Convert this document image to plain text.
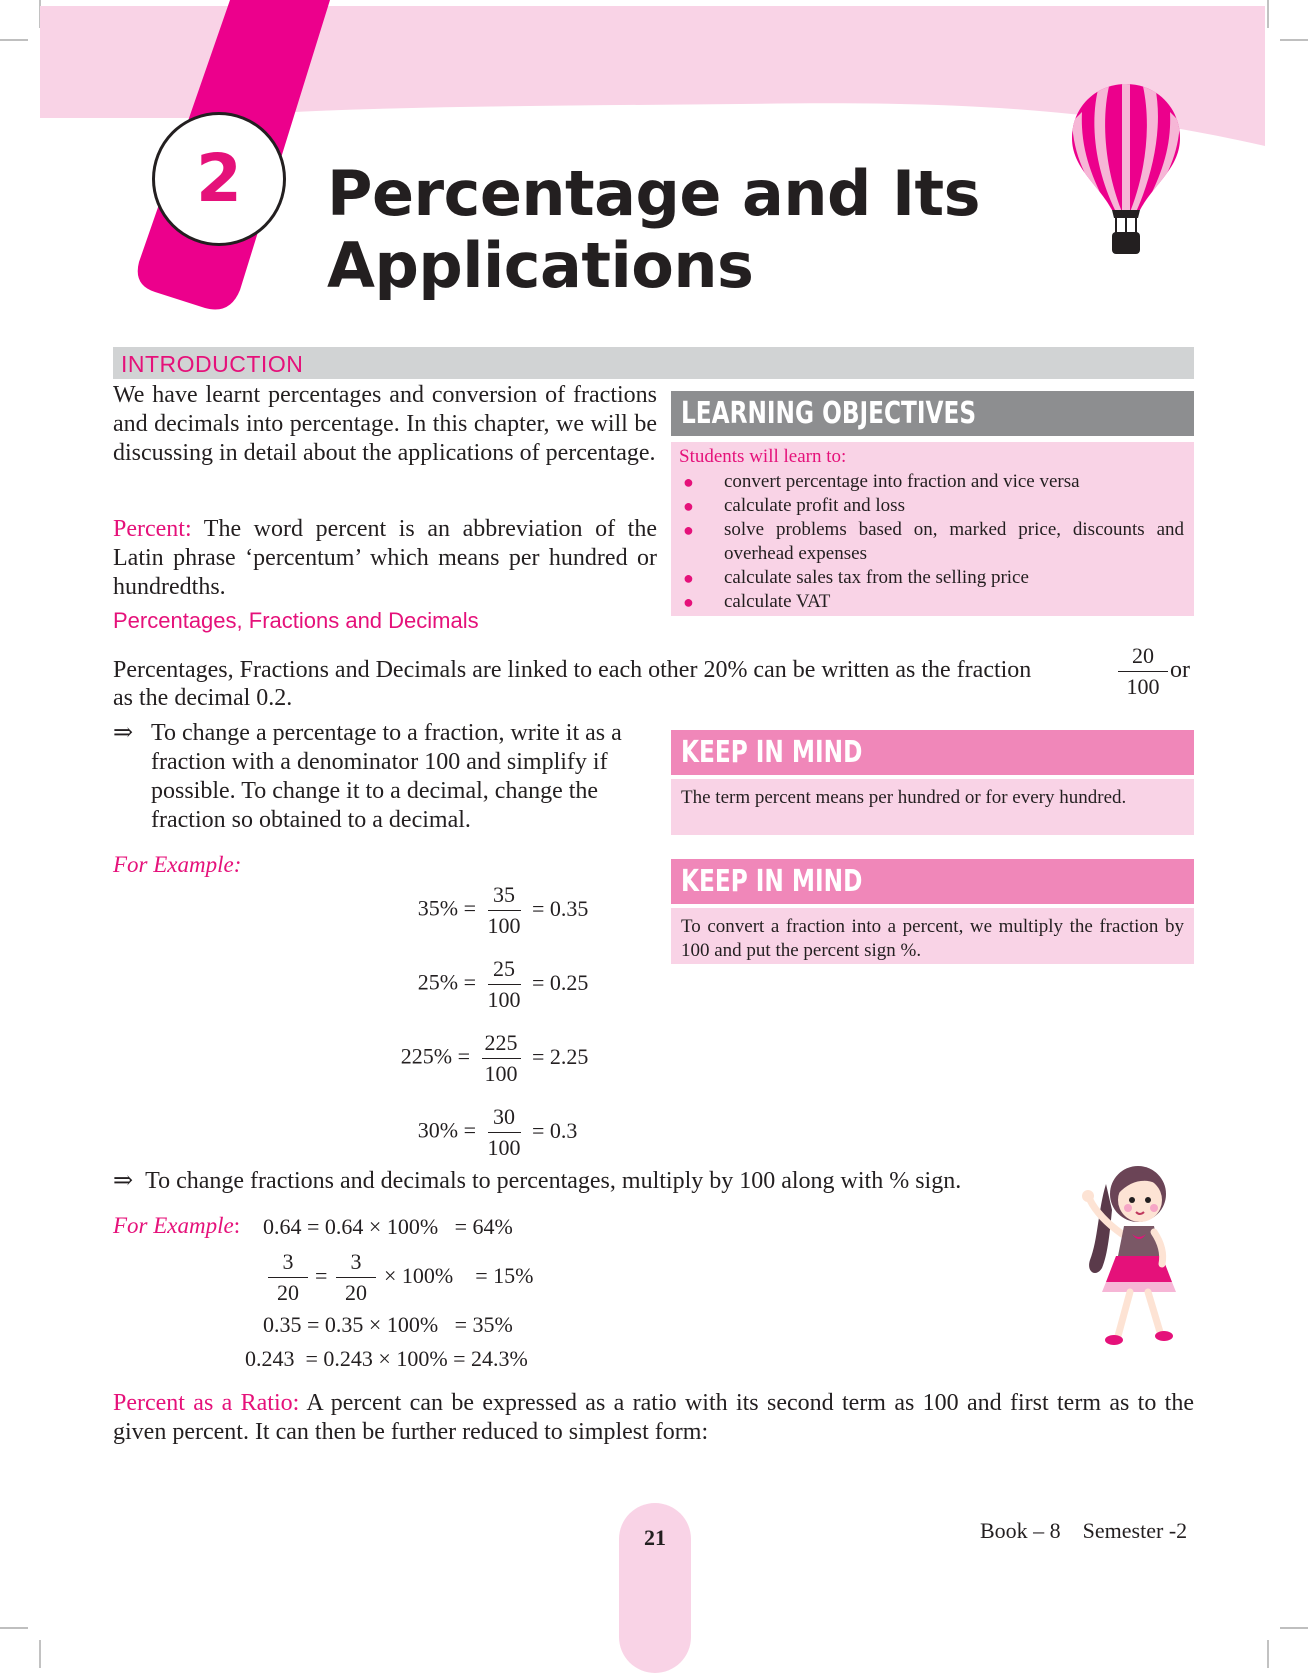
2	Percentage and Its
Applications
INTRODUCTION
We have learnt percentages and conversion of fractions and decimals into percentage. In this chapter, we will be discussing in detail about the applications of percentage.
Percent: The word percent is an abbreviation of the Latin phrase ‘percentum’ which means per hundred or hundredths.
Percentages, Fractions and Decimals
LEARNING OBJECTIVES
Students will learn to:
● convert percentage into fraction and vice versa
● calculate profit and loss
● solve problems based on, marked price, discounts and overhead expenses
● calculate sales tax from the selling price
● calculate VAT
Percentages, Fractions and Decimals are linked to each other 20% can be written as the fraction	$\frac{20}{100}$ or
as the decimal 0.2.
⇒ To change a percentage to a fraction, write it as a fraction with a denominator 100 and simplify if possible. To change it to a decimal, change the fraction so obtained to a decimal.
KEEP IN MIND
The term percent means per hundred or for every hundred.
KEEP IN MIND
To convert a fraction into a percent, we multiply the fraction by 100 and put the percent sign %.
For Example:
$35\% = \frac{35}{100} = 0.35$
$25\% = \frac{25}{100} = 0.25$
$225\% = \frac{225}{100} = 2.25$
$30\% = \frac{30}{100} = 0.3$
⇒ To change fractions and decimals to percentages, multiply by 100 along with % sign.
For Example: 0.64 = 0.64 × 100%   = 64%
$\frac{3}{20} = \frac{3}{20} \times 100\%$    = 15%
0.35 = 0.35 × 100%   = 35%
0.243  = 0.243 × 100% = 24.3%
Percent as a Ratio: A percent can be expressed as a ratio with its second term as 100 and first term as to the given percent. It can then be further reduced to simplest form:
21	Book – 8    Semester -2
